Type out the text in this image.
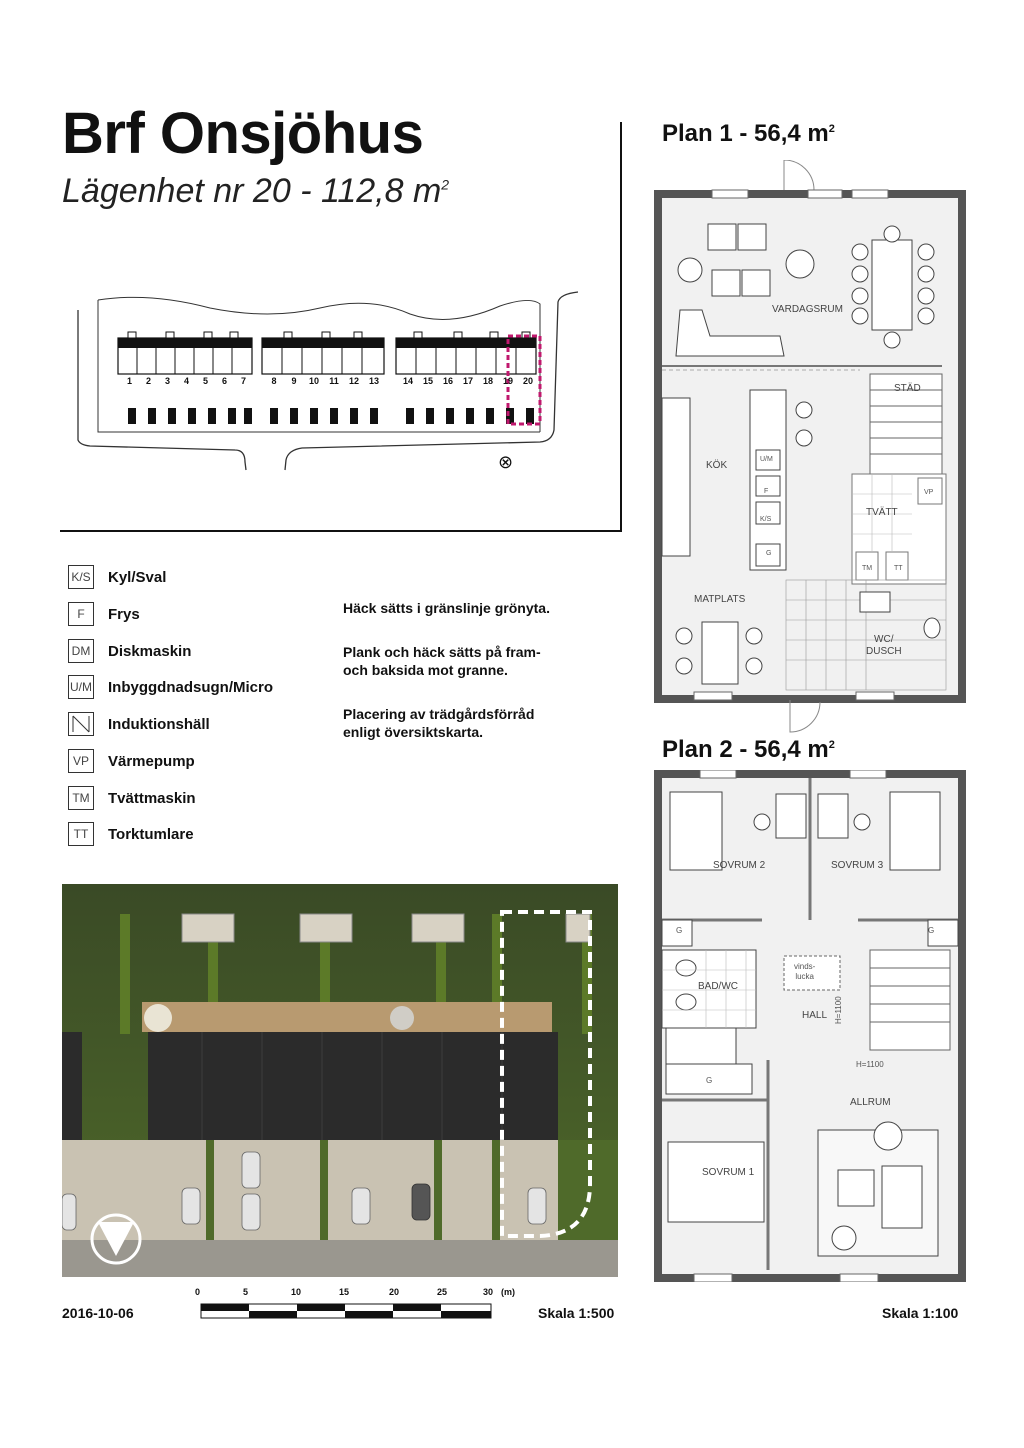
Brf Onsjöhus
Lägenhet nr 20 - 112,8 $m^2$
1	2	3	4	5	6	7	8	9	10	11	12	13	14	15	16	17	18	19	20
⊗
K/S Kyl/Sval
F	Frys
DM Diskmaskin
U/M Inbyggdnadsugn/Micro
Induktionshäll
VP	Värmepump
TM Tvättmaskin
TT	Torktumlare
Häck sätts i gränslinje grönyta.
Plank och häck sätts på fram-
och baksida mot granne.
Placering av trädgårdsförråd
enligt översiktskarta.
0	5	10	15	20	25	30 (m)
2016-10-06	Skala 1:500	Skala 1:100
Plan 1 - 56,4 $m^2$
VARDAGSRUM
STÄD
KÖK
TVÄTT
MATPLATS
WC/
DUSCH
U/M
F
K/S
G
VP
TM	TT
Plan 2 - 56,4 $m^2$
SOVRUM 2	SOVRUM 3
G	G
BAD/WC
vinds-
lucka
HALL H=1100
H=1100
G
ALLRUM
SOVRUM 1
